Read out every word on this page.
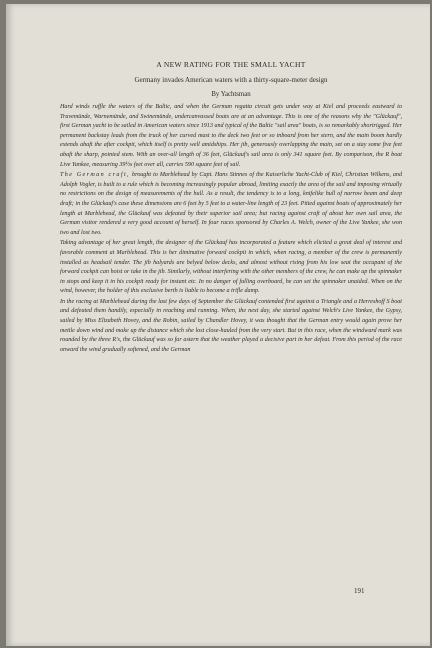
A NEW RATING FOR THE SMALL YACHT
Germany invades American waters with a thirty-square-meter design
By Yachtsman

Hard winds ruffle the waters of the Baltic, and when the German regatta circuit gets under way at Kiel and proceeds eastward to Travemünde, Warnemünde, and Swinemünde, undercanvassed boats are at an advantage. This is one of the reasons why the "Glückauf", first German yacht to be sailed in American waters since 1913 and typical of the Baltic "sail area" boats, is so remarkably shortrigged. Her permanent backstay leads from the truck of her curved mast to the deck two feet or so inboard from her stern, and the main boom hardly extends abaft the after cockpit, which itself is pretty well amidships. Her jib, generously overlapping the main, set on a stay some five feet abaft the sharp, pointed stem. With an over-all length of 36 feet, Glückauf's sail area is only 341 square feet. By comparison, the R boat Live Yankee, measuring 39½s feet over all, carries 590 square feet of sail.

The German craft, brought to Marblehead by Capt. Hans Stinnes of the Kaiserliche Yacht-Club of Kiel, Christian Wilkens, and Adolph Vogler, is built to a rule which is becoming increasingly popular abroad, limiting exactly the area of the sail and imposing virtually no restrictions on the design of measurements of the hull. As a result, the tendency is to a long, knifelike hull of narrow beam and deep draft; in the Glückauf's case these dimensions are 6 feet by 5 feet to a water-line length of 23 feet. Pitted against boats of approximately her length at Marblehead, the Glückauf was defeated by their superior sail area; but racing against craft of about her own sail area, the German visitor rendered a very good account of herself. In four races sponsored by Charles A. Welch, owner of the Live Yankee, she won two and lost two.

Taking advantage of her great length, the designer of the Glückauf has incorporated a feature which elicited a great deal of interest and favorable comment at Marblehead. This is her diminutive forward cockpit in which, when racing, a member of the crew is permanently installed as headsail tender. The jib halyards are belyed below decks, and almost without rising from his low seat the occupant of the forward cockpit can hoist or take in the jib. Similarly, without interfering with the other members of the crew, he can make up the spinnaker in stops and keep it in his cockpit ready for instant etc. In no danger of falling overboard, he can set the spinnaker unaided. When on the wind, however, the holder of this exclusive berth is liable to become a trifle damp.

In the racing at Marblehead during the last few days of September the Glückauf contended first against a Triangle and a Herreshoff S boat and defeated them handily, especially in reaching and running. When, the next day, she started against Welch's Live Yankee, the Gypsy, sailed by Miss Elizabeth Hovey, and the Robin, sailed by Chandler Hovey, it was thought that the German entry would again prove her mettle down wind and make up the distance which she lost close-hauled from the very start. But in this race, when the windward mark was rounded by the three R's, the Glückauf was so far astern that the weather played a decisive part in her defeat. From this period of the race onward the wind gradually softened, and the German

191
